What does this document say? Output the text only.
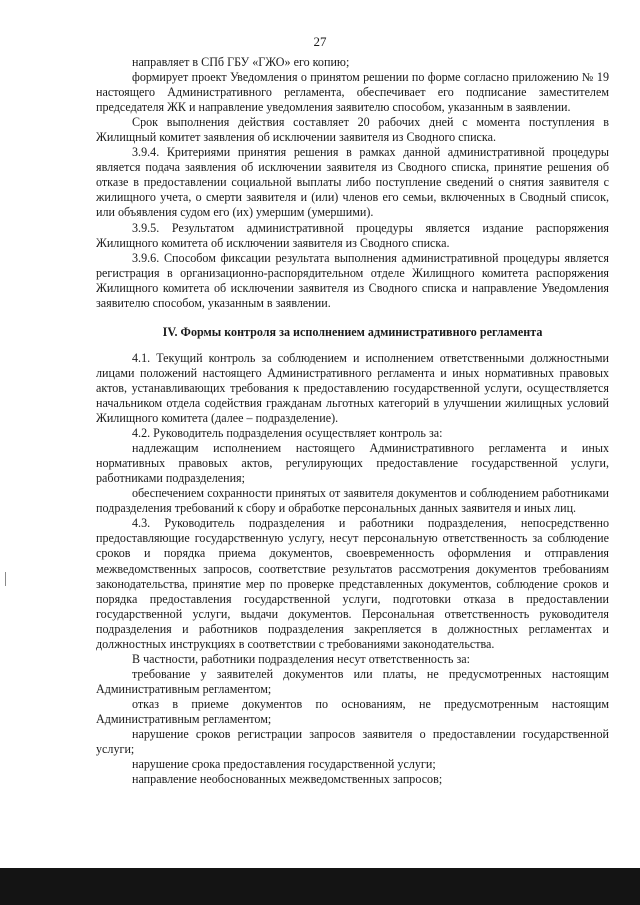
27

направляет в СПб ГБУ «ГЖО» его копию;

формирует проект Уведомления о принятом решении по форме согласно приложению № 19 настоящего Административного регламента, обеспечивает его подписание заместителем председателя ЖК и направление уведомления заявителю способом, указанным в заявлении.

Срок выполнения действия составляет 20 рабочих дней с момента поступления в Жилищный комитет заявления об исключении заявителя из Сводного списка.

3.9.4. Критериями принятия решения в рамках данной административной процедуры является подача заявления об исключении заявителя из Сводного списка, принятие решения об отказе в предоставлении социальной выплаты либо поступление сведений о снятия заявителя с жилищного учета, о смерти заявителя и (или) членов его семьи, включенных в Сводный список, или объявления судом его (их) умершим (умершими).

3.9.5. Результатом административной процедуры является издание распоряжения Жилищного комитета об исключении заявителя из Сводного списка.

3.9.6. Способом фиксации результата выполнения административной процедуры является регистрация в организационно-распорядительном отделе Жилищного комитета распоряжения Жилищного комитета об исключении заявителя из Сводного списка и направление Уведомления заявителю способом, указанным в заявлении.

IV. Формы контроля за исполнением административного регламента

4.1. Текущий контроль за соблюдением и исполнением ответственными должностными лицами положений настоящего Административного регламента и иных нормативных правовых актов, устанавливающих требования к предоставлению государственной услуги, осуществляется начальником отдела содействия гражданам льготных категорий в улучшении жилищных условий Жилищного комитета (далее – подразделение).

4.2. Руководитель подразделения осуществляет контроль за:

надлежащим исполнением настоящего Административного регламента и иных нормативных правовых актов, регулирующих предоставление государственной услуги, работниками подразделения;

обеспечением сохранности принятых от заявителя документов и соблюдением работниками подразделения требований к сбору и обработке персональных данных заявителя и иных лиц.

4.3. Руководитель подразделения и работники подразделения, непосредственно предоставляющие государственную услугу, несут персональную ответственность за соблюдение сроков и порядка приема документов, своевременность оформления и отправления межведомственных запросов, соответствие результатов рассмотрения документов требованиям законодательства, принятие мер по проверке представленных документов, соблюдение сроков и порядка предоставления государственной услуги, подготовки отказа в предоставлении государственной услуги, выдачи документов. Персональная ответственность руководителя подразделения и работников подразделения закрепляется в должностных регламентах и должностных инструкциях в соответствии с требованиями законодательства.

В частности, работники подразделения несут ответственность за:

требование у заявителей документов или платы, не предусмотренных настоящим Административным регламентом;

отказ в приеме документов по основаниям, не предусмотренным настоящим Административным регламентом;

нарушение сроков регистрации запросов заявителя о предоставлении государственной услуги;

нарушение срока предоставления государственной услуги;

направление необоснованных межведомственных запросов;
